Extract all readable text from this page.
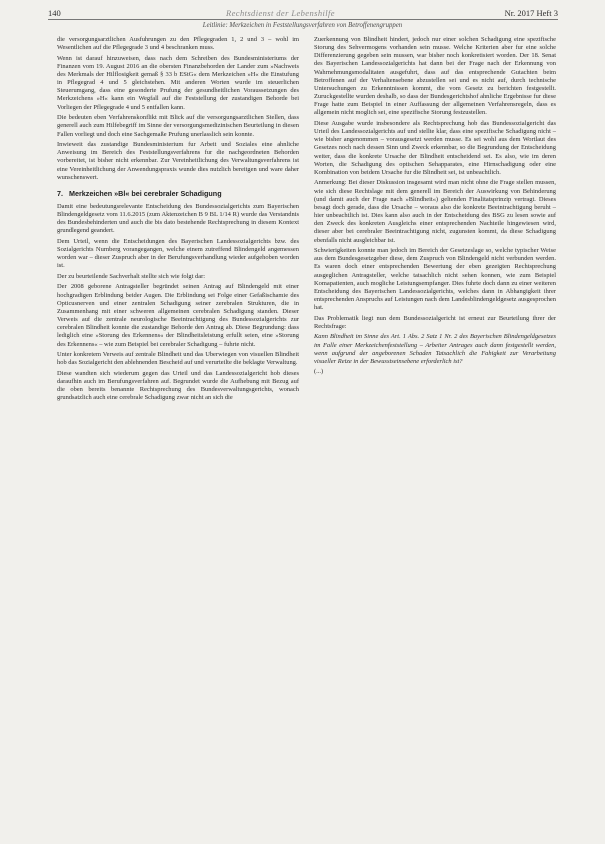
140	Rechtsdienst der Lebenshilfe	Nr. 2017 Heft 3
Leitlinie: Merkzeichen in Feststellungsverfahren von Betroffenengruppen

die versorgungsarztlichen Ausfuhrungen zu den Pflegegraden 1, 2 und 3 – wohl im Wesentlichen auf die Pflegegrade 3 und 4 beschranken muss.

Wenn ist darauf hinzuweisen, dass nach dem Schreiben des Bundesministeriums der Finanzen vom 19. August 2016 an die obersten Finanzbehorden der Lander zum »Nachweis des Merkmals der Hilflosigkeit gemaß § 33 b EStG« dem Merkzeichen »H« die Einstufung in Pflegegrad 4 und 5 gleichstehen. Mit anderen Worten wurde im steuerlichen Steuerumgang, dass eine gesonderte Prufung der gesundheitlichen Voraussetzungen des Merkzeichens »H« kann ein Wegfall auf die Feststellung der zustandigen Behorde bei Vorliegen der Pflegegrade 4 und 5 entfallen kann.

Die bedeuten eben Verfahrenskonflikt mit Blick auf die versorgungsarztlichen Stellen, dass generell auch zum Hilfebegriff im Sinne der versorgungsmedizinischen Beurteilung in diesen Fallen vorliegt und doch eine Sachgemaße Prufung unerlasslich sein konnte.

Inwieweit das zustandige Bundesministerium fur Arbeit und Soziales eine ahnliche Anweisung im Bereich des Feststellungsverfahrens fur die nachgeordneten Behorden vorbereitet, ist bisher nicht erkennbar. Zur Vereinheitlichung des Verwaltungsverfahrens ist eine Vereinheitlichung der Anwendungspraxis wunde dies nutzlich bereitgen und ware daher wunschenswert.

7. Merkzeichen »Bl« bei cerebraler Schadigung

Damit eine bedeutungsrelevante Entscheidung des Bundessozialgerichts zum Bayerischen Blindengeldgesetz vom 11.6.2015 (zum Aktenzeichen B 9 BL 1/14 R) wurde das Verstandnis des Bundesbehinderten und auch die bis dato bestehende Rechtsprechung in diesem Kontext grundlegend geandert.

Dem Urteil, wenn die Entscheidungen des Bayerischen Landessozialgerichts bzw. des Sozialgerichts Nurnberg vorangegangen, welche einem zutreffend Blindengeld angemessen worden war – dieser Zuspruch aber in der Berufungsverhandlung wieder aufgehoben worden ist.

Der zu beurteilende Sachverhalt stellte sich wie folgt dar:

Der 2008 geborene Antragsteller begründet seinen Antrag auf Blindengeld mit einer hochgradigen Erblindung beider Augen. Die Erblindung sei Folge einer Gefaßischamie des Opticusnerven und einer zentralen Schadigung seiner zerebralen Strukturen, die in Zusammenhang mit einer schweren allgemeinen cerebralen Schadigung standen. Dieser Verweis auf die zentrale neurologische Beeintrachtigung des Bundessozialgerichts zur cerebralen Blindheit konnte die zustandige Behorde den Antrag ab. Diese Begrundung: dass lediglich eine »Storung des Erkennens« der Blindheitsleistung erfullt seien, eine »Storung des Erkennens« – wie zum Beispiel bei cerebraler Schadigung – fuhrte nicht.

Unter konkretem Verweis auf zentrale Blindheit und das Uberwiegen von visuellen Blindheit hob das Sozialgericht den ablehnenden Bescheid auf und verurteilte die beklagte Verwaltung.

Diese wandten sich wiederum gegen das Urteil und das Landessozialgericht hob dieses daraufhin auch im Berufungsverfahren auf. Begrundet wurde die Aufhebung mit Bezug auf die oben bereits benannte Rechtsprechung des Bundesverwaltungsgerichts, wonach grundsatzlich auch eine cerebrale Schadigung zwar nicht an sich die

Zuerkennung von Blindheit hindert, jedoch nur einer solchen Schadigung eine spezifische Storung des Sehvermogens vorhanden sein musse. Welche Kriterien aber fur eine solche Differenzierung gegeben sein mussen, war bisher noch konkretisiert worden. Der 18. Senat des Bayerischen Landessozialgerichts hat dann bei der Frage nach der Erkennung von Wahrnehmungsmodalitaten ausgefuhrt, dass auf das entsprechende Gutachten beim Betroffenen auf der Verhaltensebene abzustellen sei und es nicht auf, durch technische Untersuchungen zu Erkenntnissen kommt, die vom Gesetz zu berichten festgestellt. Zuruckgestellte wurden deshalb, so dass der Bundesgerichtshof ahnliche Ergebnisse fur diese Frage hatte zum Beispiel in einer Auffassung der allgemeinen Verfahrensregeln, dass es allgemein nicht moglich sei, eine spezifische Storung festzustellen.

Diese Ausgabe wurde insbesondere als Rechtsprechung hob das Bundessozialgericht das Urteil des Landessozialgerichts auf und stellte klar, dass eine spezifische Schadigung nicht – wie bisher angenommen – vorausgesetzt werden musse. Es sei wohl aus dem Wortlaut des Gesetzes noch nach dessen Sinn und Zweck erkennbar, so die Begrundung der Entscheidung weiter, dass die konkrete Ursache der Blindheit entscheidend sei. Es also, wie im deren Worten, die Schadigung des optischen Sehapparates, eine Hirnschadigung oder eine Kombination von beidem Ursache fur die Blindheit sei, ist unbeachtlich.

Anmerkung: Bei dieser Diskussion insgesamt wird man nicht ohne die Frage stellen mussen, wie sich diese Rechtslage mit dem generell im Bereich der Auswirkung von Behinderung (und damit auch der Frage nach »Blindheit«) geltenden Finalitatsprinzip vertragt. Dieses besagt doch gerade, dass die Ursache – woraus also die konkrete Beeintrachtigung beruht – hier unbeachtlich ist. Dies kann also auch in der Entscheidung des BSG zu lesen sowie auf den Zweck des konkreten Ausgleichs einer entsprechenden Nachteile hingewiesen wird, dieser aber bei cerebraler Beeintrachtigung nicht, zugunsten kommt, da diese Schadigung ebenfalls nicht ausgleichbar ist.

Schwierigkeiten konnte man jedoch im Bereich der Gesetzeslage so, welche typischer Weise aus dem Bundesgesetzgeber diese, dem Zuspruch von Blindengeld nicht verbunden werden. Es waren doch einer entsprechenden Bewertung der eben gezeigten Rechtsprechung ausgeglichen Antragsteller, welche tatsachlich nicht sehen konnen, wie zum Beispiel Komapatienten, auch mogliche Leistungsempfanger. Dies fuhrte doch dann zu einer weiteren Entscheidung des Bayerischen Landessozialgerichts, welches dann in Abhangigkeit ihrer entsprechenden Anspruchs auf Leistungen nach dem Landesblindengeldgesetz ausgesprochen hat.

Das Problematik liegt nun dem Bundessozialgericht ist erneut zur Beurteilung ihrer der Rechtsfrage:

Kann Blindheit im Sinne des Art. 1 Abs. 2 Satz 1 Nr. 2 des Bayerischen Blindengeldgesetzes im Falle einer Merkzeichenfeststellung – Arbeiter Antrages auch dann festgestellt werden, wenn aufgrund der angeborenen Schaden Tatsachlich die Fahigkeit zur Verarbeitung visueller Reize in der Bewusstseinsebene erforderlich ist?

(...)
